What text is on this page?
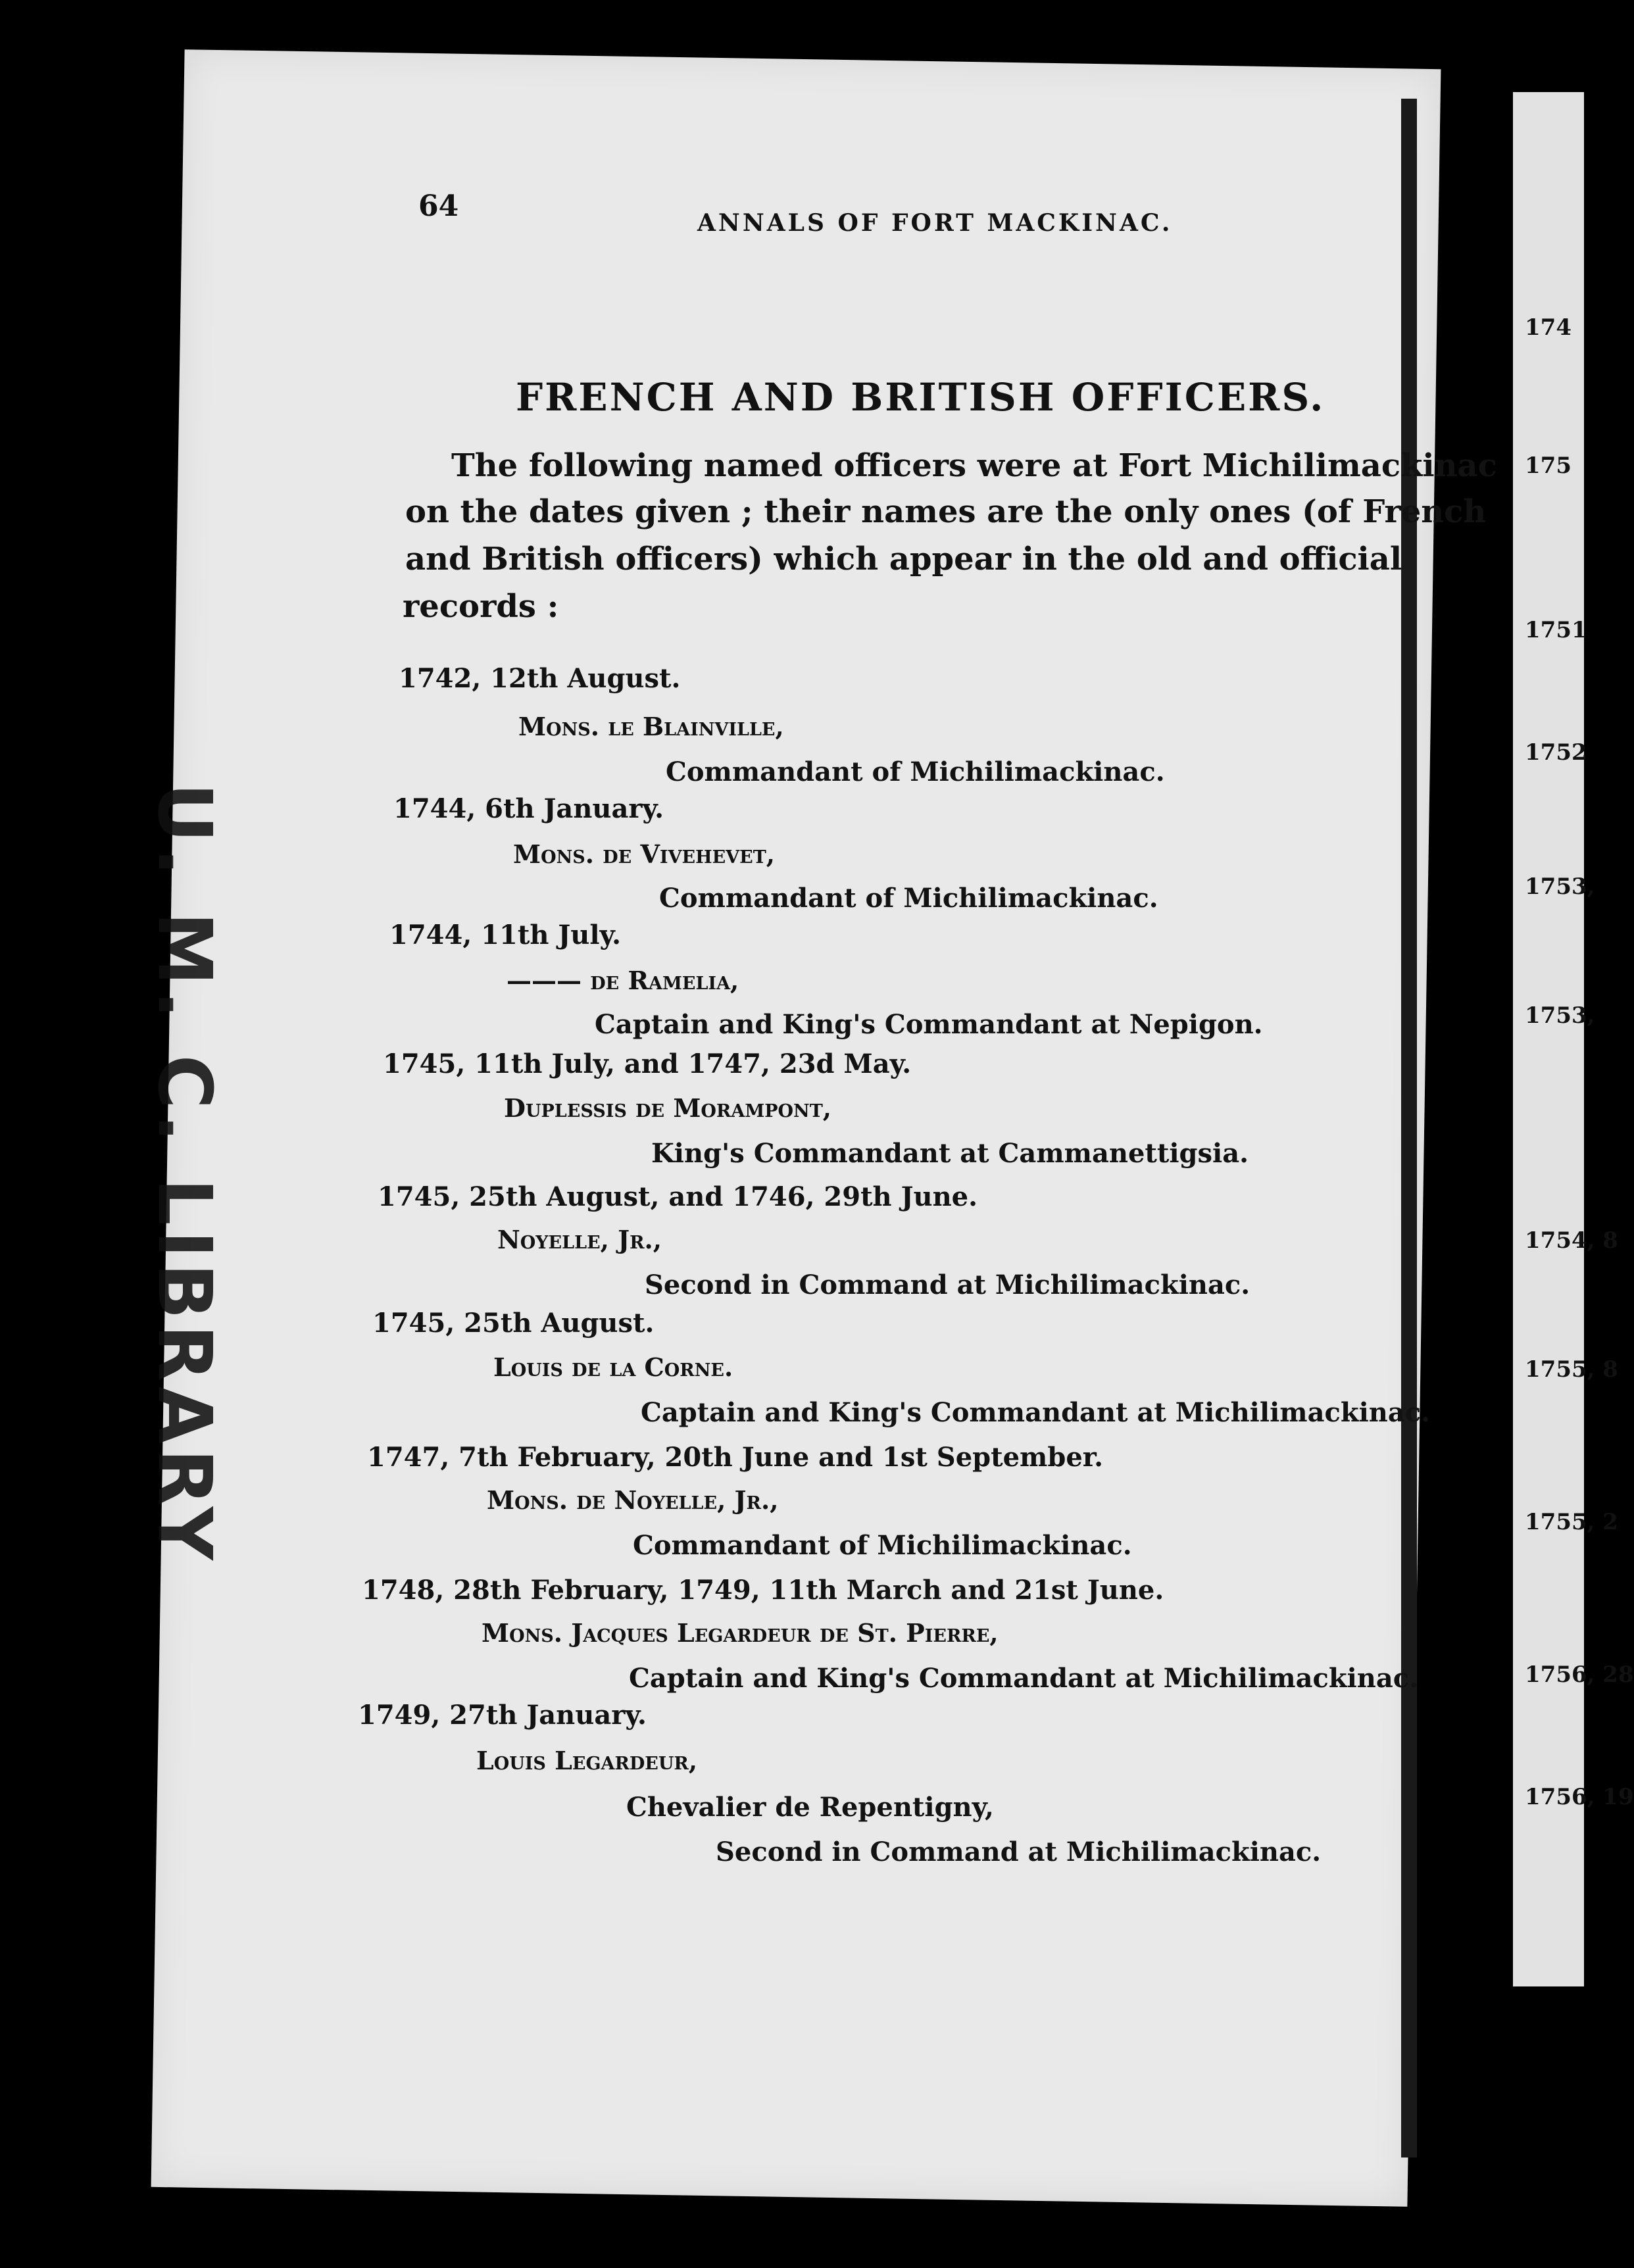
U. M. C. LIBRARY
64	ANNALS OF FORT MACKINAC.
FRENCH AND BRITISH OFFICERS.
The following named officers were at Fort Michilimackinac
on the dates given ; their names are the only ones (of French
and British officers) which appear in the old and official
records :
1742, 12th August.
Mons. le Blainville,
Commandant of Michilimackinac.
1744, 6th January.
Mons. de Vivehevet,
Commandant of Michilimackinac.
1744, 11th July.
——— de Ramelia,
Captain and King's Commandant at Nepigon.
1745, 11th July, and 1747, 23d May.
Duplessis de Morampont,
King's Commandant at Cammanettigsia.
1745, 25th August, and 1746, 29th June.
Noyelle, Jr.,
Second in Command at Michilimackinac.
1745, 25th August.
Louis de la Corne.
Captain and King's Commandant at Michilimackinac.
1747, 7th February, 20th June and 1st September.
Mons. de Noyelle, Jr.,
Commandant of Michilimackinac.
1748, 28th February, 1749, 11th March and 21st June.
Mons. Jacques Legardeur de St. Pierre,
Captain and King's Commandant at Michilimackinac.
1749, 27th January.
Louis Legardeur,
Chevalier de Repentigny,
Second in Command at Michilimackinac.
174
175
1751
1752
1753,
1753,
1754, 8
1755, 8
1755, 2
1756, 28
1756, 19
